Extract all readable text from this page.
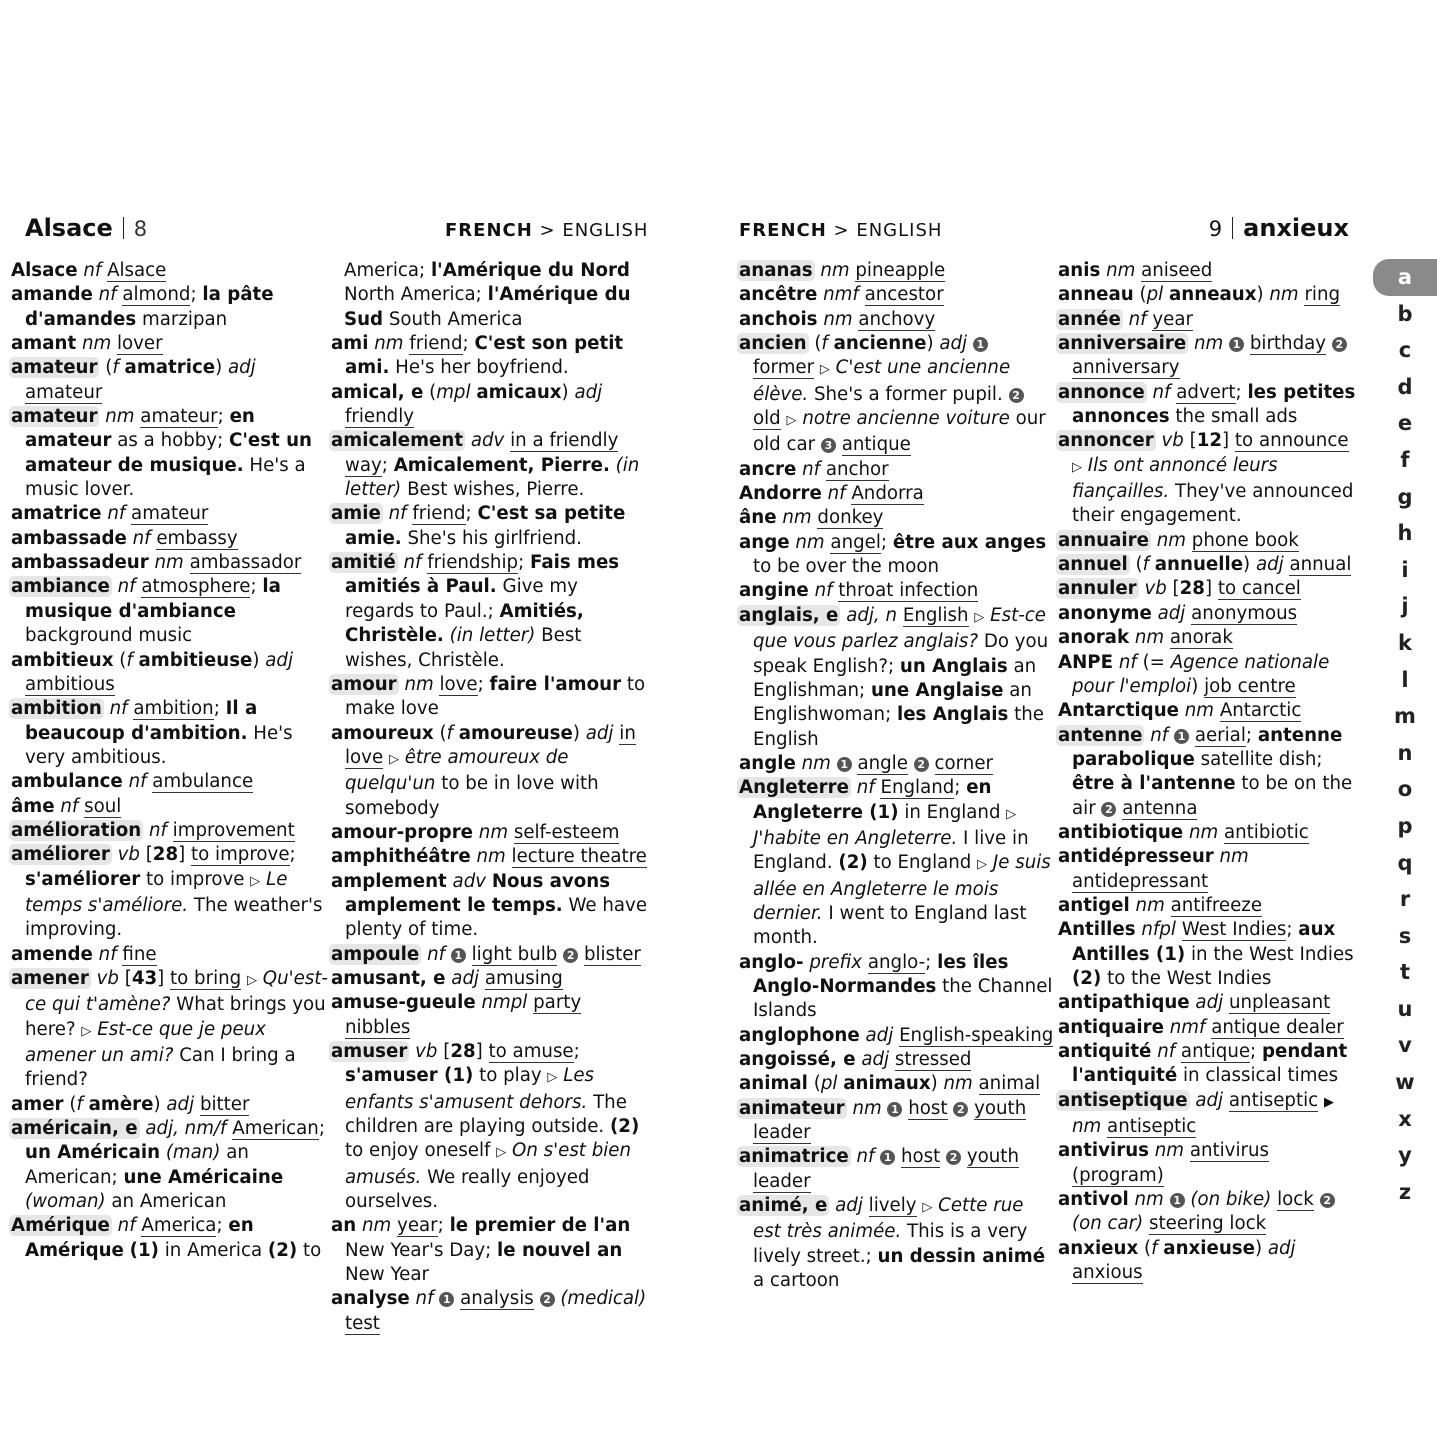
Alsace 8	FRENCH > ENGLISH	FRENCH > ENGLISH	9 anxieux
Alsace nf Alsace
amande nf almond; la pâte d'amandes marzipan
amant nm lover
amateur (f amatrice) adj amateur
amateur nm amateur; en amateur as a hobby; C'est un amateur de musique. He's a music lover.
amatrice nf amateur
ambassade nf embassy
ambassadeur nm ambassador
ambiance nf atmosphere; la musique d'ambiance background music
ambitieux (f ambitieuse) adj ambitious
ambition nf ambition; Il a beaucoup d'ambition. He's very ambitious.
ambulance nf ambulance
âme nf soul
amélioration nf improvement
améliorer vb [28] to improve; s'améliorer to improve ▷ Le temps s'améliore. The weather's improving.
amende nf fine
amener vb [43] to bring ▷ Qu'est-ce qui t'amène? What brings you here? ▷ Est-ce que je peux amener un ami? Can I bring a friend?
amer (f amère) adj bitter
américain, e adj, nm/f American; un Américain (man) an American; une Américaine (woman) an American
Amérique nf America; en Amérique (1) in America (2) to
America; l'Amérique du Nord North America; l'Amérique du Sud South America
ami nm friend; C'est son petit ami. He's her boyfriend.
amical, e (mpl amicaux) adj friendly
amicalement adv in a friendly way; Amicalement, Pierre. (in letter) Best wishes, Pierre.
amie nf friend; C'est sa petite amie. She's his girlfriend.
amitié nf friendship; Fais mes amitiés à Paul. Give my regards to Paul.; Amitiés, Christèle. (in letter) Best wishes, Christèle.
amour nm love; faire l'amour to make love
amoureux (f amoureuse) adj in love ▷ être amoureux de quelqu'un to be in love with somebody
amour-propre nm self-esteem
amphithéâtre nm lecture theatre
amplement adv Nous avons amplement le temps. We have plenty of time.
ampoule nf 1 light bulb 2 blister
amusant, e adj amusing
amuse-gueule nmpl party nibbles
amuser vb [28] to amuse; s'amuser (1) to play ▷ Les enfants s'amusent dehors. The children are playing outside. (2) to enjoy oneself ▷ On s'est bien amusés. We really enjoyed ourselves.
an nm year; le premier de l'an New Year's Day; le nouvel an New Year
analyse nf 1 analysis 2 (medical) test
ananas nm pineapple
ancêtre nmf ancestor
anchois nm anchovy
ancien (f ancienne) adj 1 former ▷ C'est une ancienne élève. She's a former pupil. 2 old ▷ notre ancienne voiture our old car 3 antique
ancre nf anchor
Andorre nf Andorra
âne nm donkey
ange nm angel; être aux anges to be over the moon
angine nf throat infection
anglais, e adj, n English ▷ Est-ce que vous parlez anglais? Do you speak English?; un Anglais an Englishman; une Anglaise an Englishwoman; les Anglais the English
angle nm 1 angle 2 corner
Angleterre nf England; en Angleterre (1) in England ▷ J'habite en Angleterre. I live in England. (2) to England ▷ Je suis allée en Angleterre le mois dernier. I went to England last month.
anglo- prefix anglo-; les îles Anglo-Normandes the Channel Islands
anglophone adj English-speaking
angoissé, e adj stressed
animal (pl animaux) nm animal
animateur nm 1 host 2 youth leader
animatrice nf 1 host 2 youth leader
animé, e adj lively ▷ Cette rue est très animée. This is a very lively street.; un dessin animé a cartoon
anis nm aniseed
anneau (pl anneaux) nm ring
année nf year
anniversaire nm 1 birthday 2 anniversary
annonce nf advert; les petites annonces the small ads
annoncer vb [12] to announce ▷ Ils ont annoncé leurs fiançailles. They've announced their engagement.
annuaire nm phone book
annuel (f annuelle) adj annual
annuler vb [28] to cancel
anonyme adj anonymous
anorak nm anorak
ANPE nf (= Agence nationale pour l'emploi) job centre
Antarctique nm Antarctic
antenne nf 1 aerial; antenne parabolique satellite dish; être à l'antenne to be on the air 2 antenna
antibiotique nm antibiotic
antidépresseur nm antidepressant
antigel nm antifreeze
Antilles nfpl West Indies; aux Antilles (1) in the West Indies (2) to the West Indies
antipathique adj unpleasant
antiquaire nmf antique dealer
antiquité nf antique; pendant l'antiquité in classical times
antiseptique adj antiseptic ▶ nm antiseptic
antivirus nm antivirus (program)
antivol nm 1 (on bike) lock 2 (on car) steering lock
anxieux (f anxieuse) adj anxious
a
b
c
d
e
f
g
h
i
j
k
l
m
n
o
p
q
r
s
t
u
v
w
x
y
z
